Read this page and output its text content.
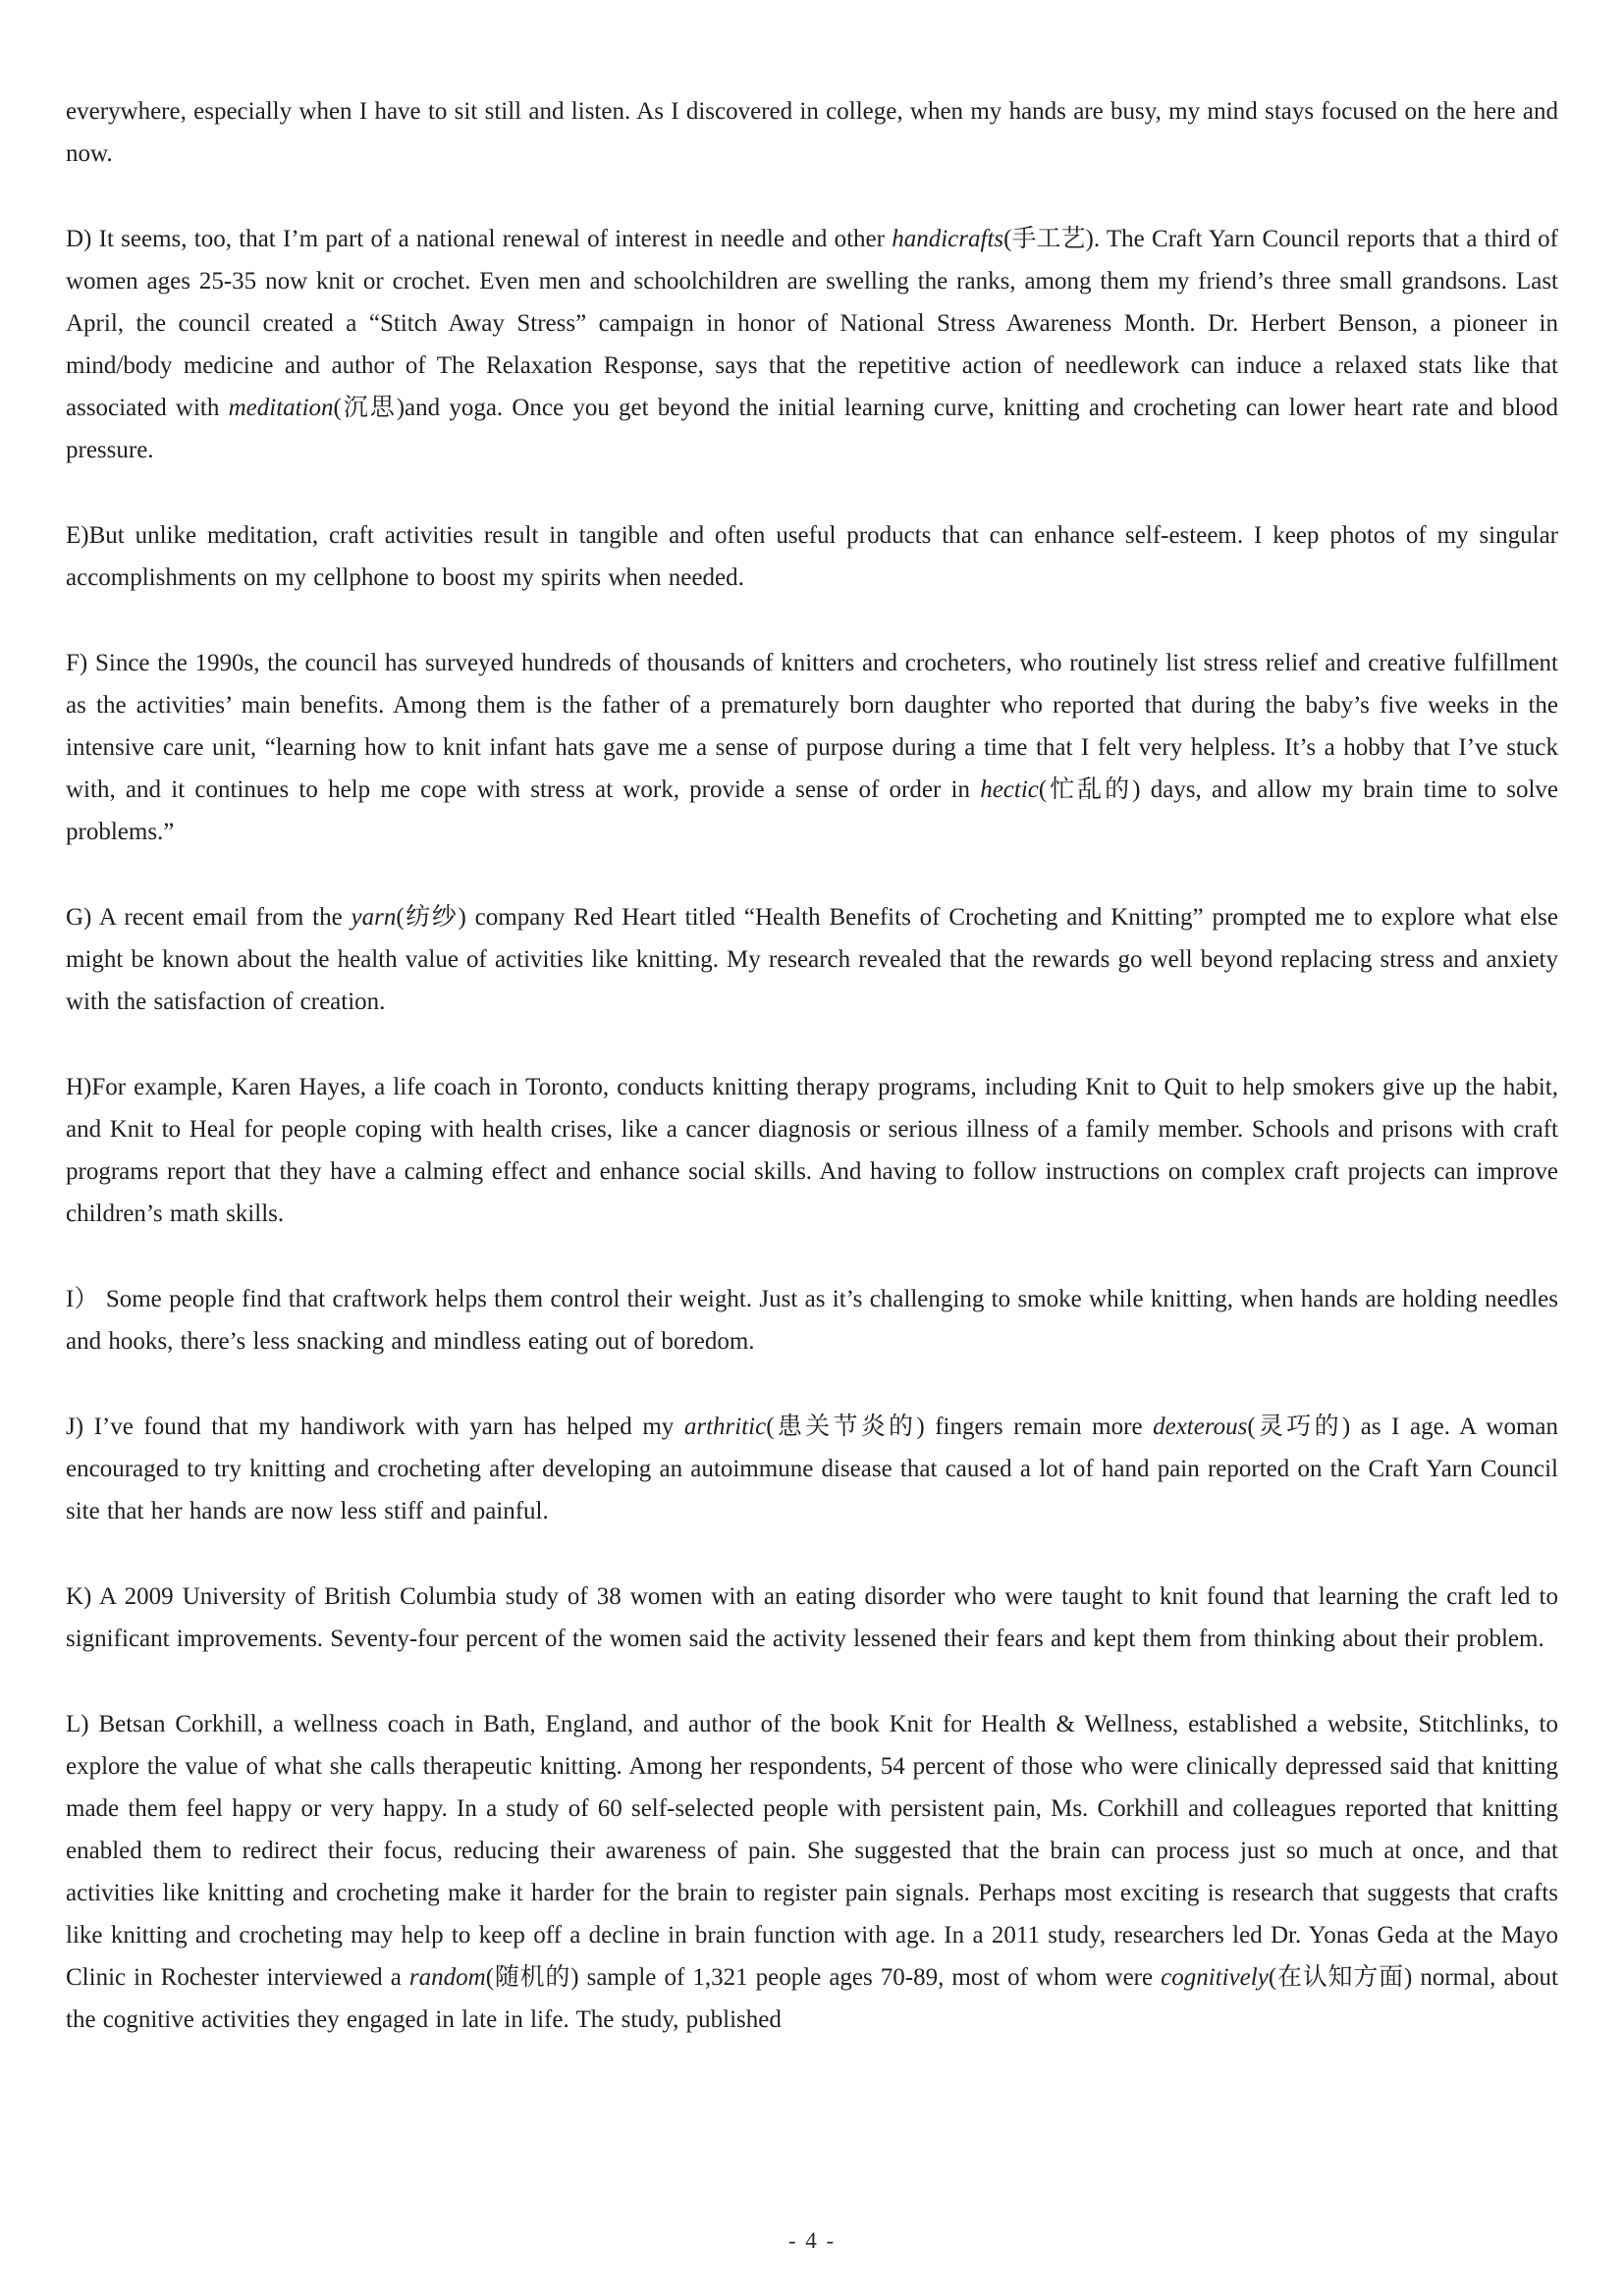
everywhere, especially when I have to sit still and listen. As I discovered in college, when my hands are busy, my mind stays focused on the here and now.

D) It seems, too, that I’m part of a national renewal of interest in needle and other handicrafts(手工艺). The Craft Yarn Council reports that a third of women ages 25-35 now knit or crochet. Even men and schoolchildren are swelling the ranks, among them my friend’s three small grandsons. Last April, the council created a “Stitch Away Stress” campaign in honor of National Stress Awareness Month. Dr. Herbert Benson, a pioneer in mind/body medicine and author of The Relaxation Response, says that the repetitive action of needlework can induce a relaxed stats like that associated with meditation(沉思)and yoga. Once you get beyond the initial learning curve, knitting and crocheting can lower heart rate and blood pressure.

E)But unlike meditation, craft activities result in tangible and often useful products that can enhance self-esteem. I keep photos of my singular accomplishments on my cellphone to boost my spirits when needed.

F) Since the 1990s, the council has surveyed hundreds of thousands of knitters and crocheters, who routinely list stress relief and creative fulfillment as the activities’ main benefits. Among them is the father of a prematurely born daughter who reported that during the baby’s five weeks in the intensive care unit, “learning how to knit infant hats gave me a sense of purpose during a time that I felt very helpless. It’s a hobby that I’ve stuck with, and it continues to help me cope with stress at work, provide a sense of order in hectic(忙乱的) days, and allow my brain time to solve problems.”

G) A recent email from the yarn(纺纱) company Red Heart titled “Health Benefits of Crocheting and Knitting” prompted me to explore what else might be known about the health value of activities like knitting. My research revealed that the rewards go well beyond replacing stress and anxiety with the satisfaction of creation.

H)For example, Karen Hayes, a life coach in Toronto, conducts knitting therapy programs, including Knit to Quit to help smokers give up the habit, and Knit to Heal for people coping with health crises, like a cancer diagnosis or serious illness of a family member. Schools and prisons with craft programs report that they have a calming effect and enhance social skills. And having to follow instructions on complex craft projects can improve children’s math skills.

I） Some people find that craftwork helps them control their weight. Just as it’s challenging to smoke while knitting, when hands are holding needles and hooks, there’s less snacking and mindless eating out of boredom.

J) I’ve found that my handiwork with yarn has helped my arthritic(患关节炎的) fingers remain more dexterous(灵巧的) as I age. A woman encouraged to try knitting and crocheting after developing an autoimmune disease that caused a lot of hand pain reported on the Craft Yarn Council site that her hands are now less stiff and painful.

K) A 2009 University of British Columbia study of 38 women with an eating disorder who were taught to knit found that learning the craft led to significant improvements. Seventy-four percent of the women said the activity lessened their fears and kept them from thinking about their problem.

L) Betsan Corkhill, a wellness coach in Bath, England, and author of the book Knit for Health & Wellness, established a website, Stitchlinks, to explore the value of what she calls therapeutic knitting. Among her respondents, 54 percent of those who were clinically depressed said that knitting made them feel happy or very happy. In a study of 60 self-selected people with persistent pain, Ms. Corkhill and colleagues reported that knitting enabled them to redirect their focus, reducing their awareness of pain. She suggested that the brain can process just so much at once, and that activities like knitting and crocheting make it harder for the brain to register pain signals. Perhaps most exciting is research that suggests that crafts like knitting and crocheting may help to keep off a decline in brain function with age. In a 2011 study, researchers led Dr. Yonas Geda at the Mayo Clinic in Rochester interviewed a random(随机的) sample of 1,321 people ages 70-89, most of whom were cognitively(在认知方面) normal, about the cognitive activities they engaged in late in life. The study, published

- 4 -
